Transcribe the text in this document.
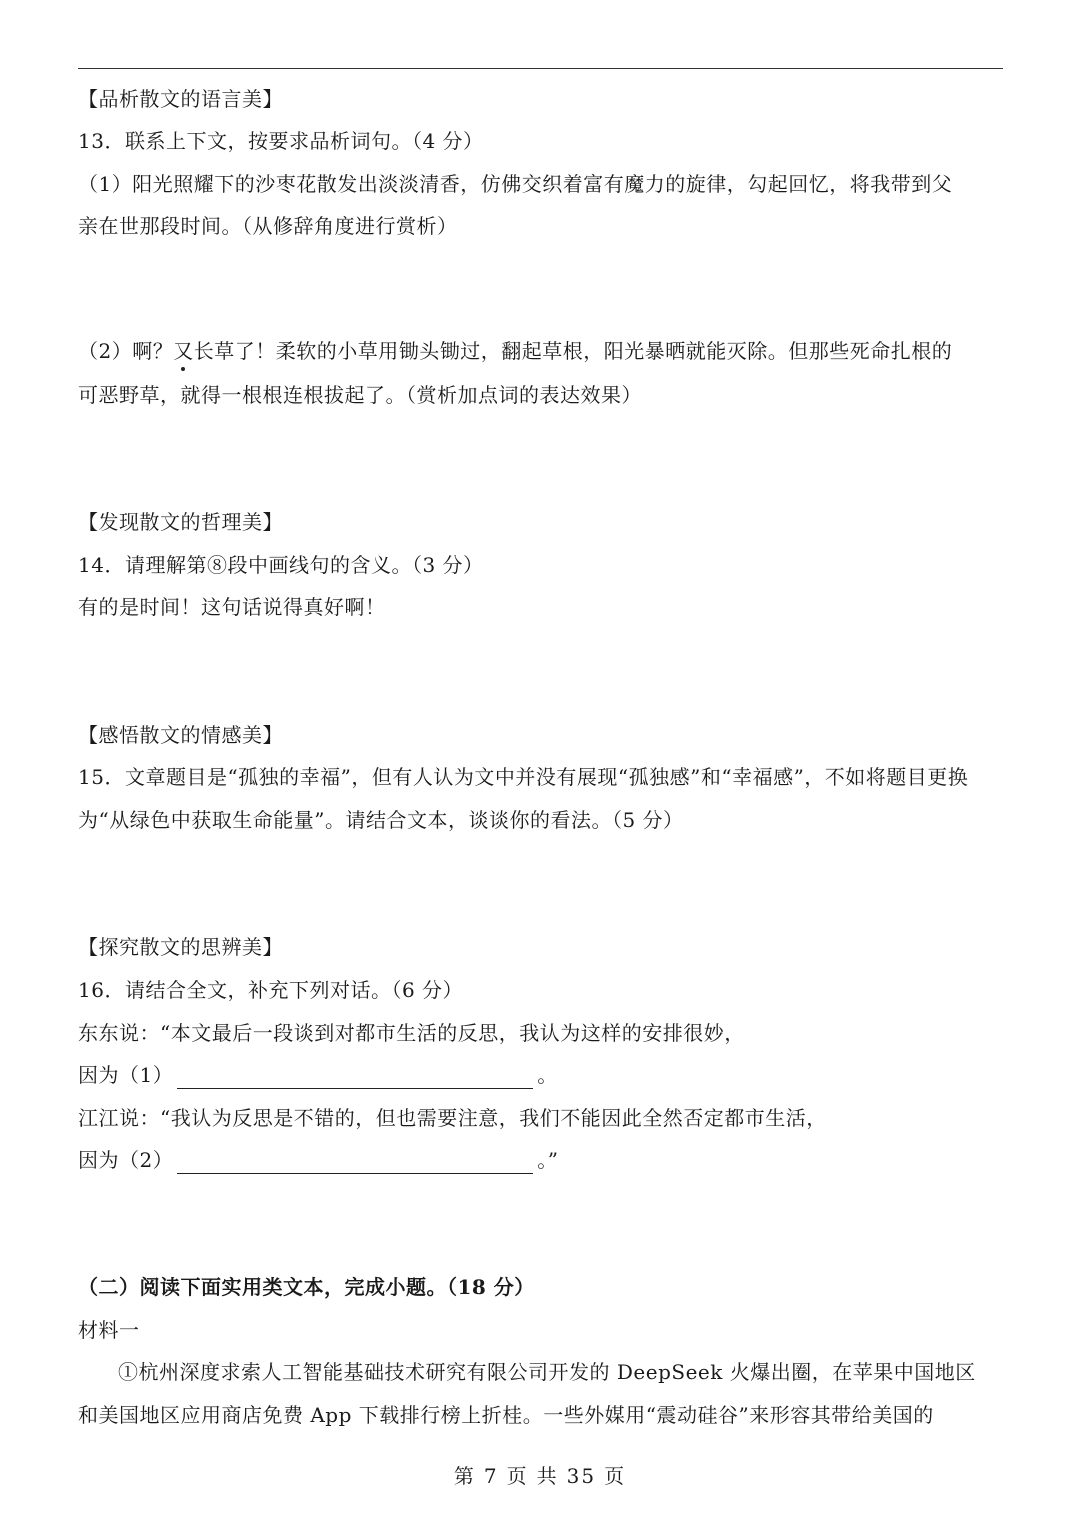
【品析散文的语言美】
13．联系上下文，按要求品析词句。（4 分）
（1）阳光照耀下的沙枣花散发出淡淡清香，仿佛交织着富有魔力的旋律，勾起回忆，将我带到父
亲在世那段时间。（从修辞角度进行赏析）
（2）啊？又
长草了！柔软的小草用锄头锄过，翻起草根，阳光暴晒就能灭除。但那些死命扎根的
可恶野草，就得一根根连根拔起了。（赏析加点词的表达效果）
【发现散文的哲理美】
14．请理解第⑧段中画线句的含义。（3 分）
有的是时间！这句话说得真好啊！
【感悟散文的情感美】
15．文章题目是“孤独的幸福”，但有人认为文中并没有展现“孤独感”和“幸福感”，不如将题目更换
为“从绿色中获取生命能量”。请结合文本，谈谈你的看法。（5 分）
【探究散文的思辨美】
16．请结合全文，补充下列对话。（6 分）
东东说：“本文最后一段谈到对都市生活的反思，我认为这样的安排很妙，
因为（1）	。
江江说：“我认为反思是不错的，但也需要注意，我们不能因此全然否定都市生活，
因为（2）	。”
（二）阅读下面实用类文本，完成小题。（18 分）
材料一
①杭州深度求索人工智能基础技术研究有限公司开发的 DeepSeek 火爆出圈，在苹果中国地区
和美国地区应用商店免费 App 下载排行榜上折桂。一些外媒用“震动硅谷”来形容其带给美国的
第 7 页 共 35 页
